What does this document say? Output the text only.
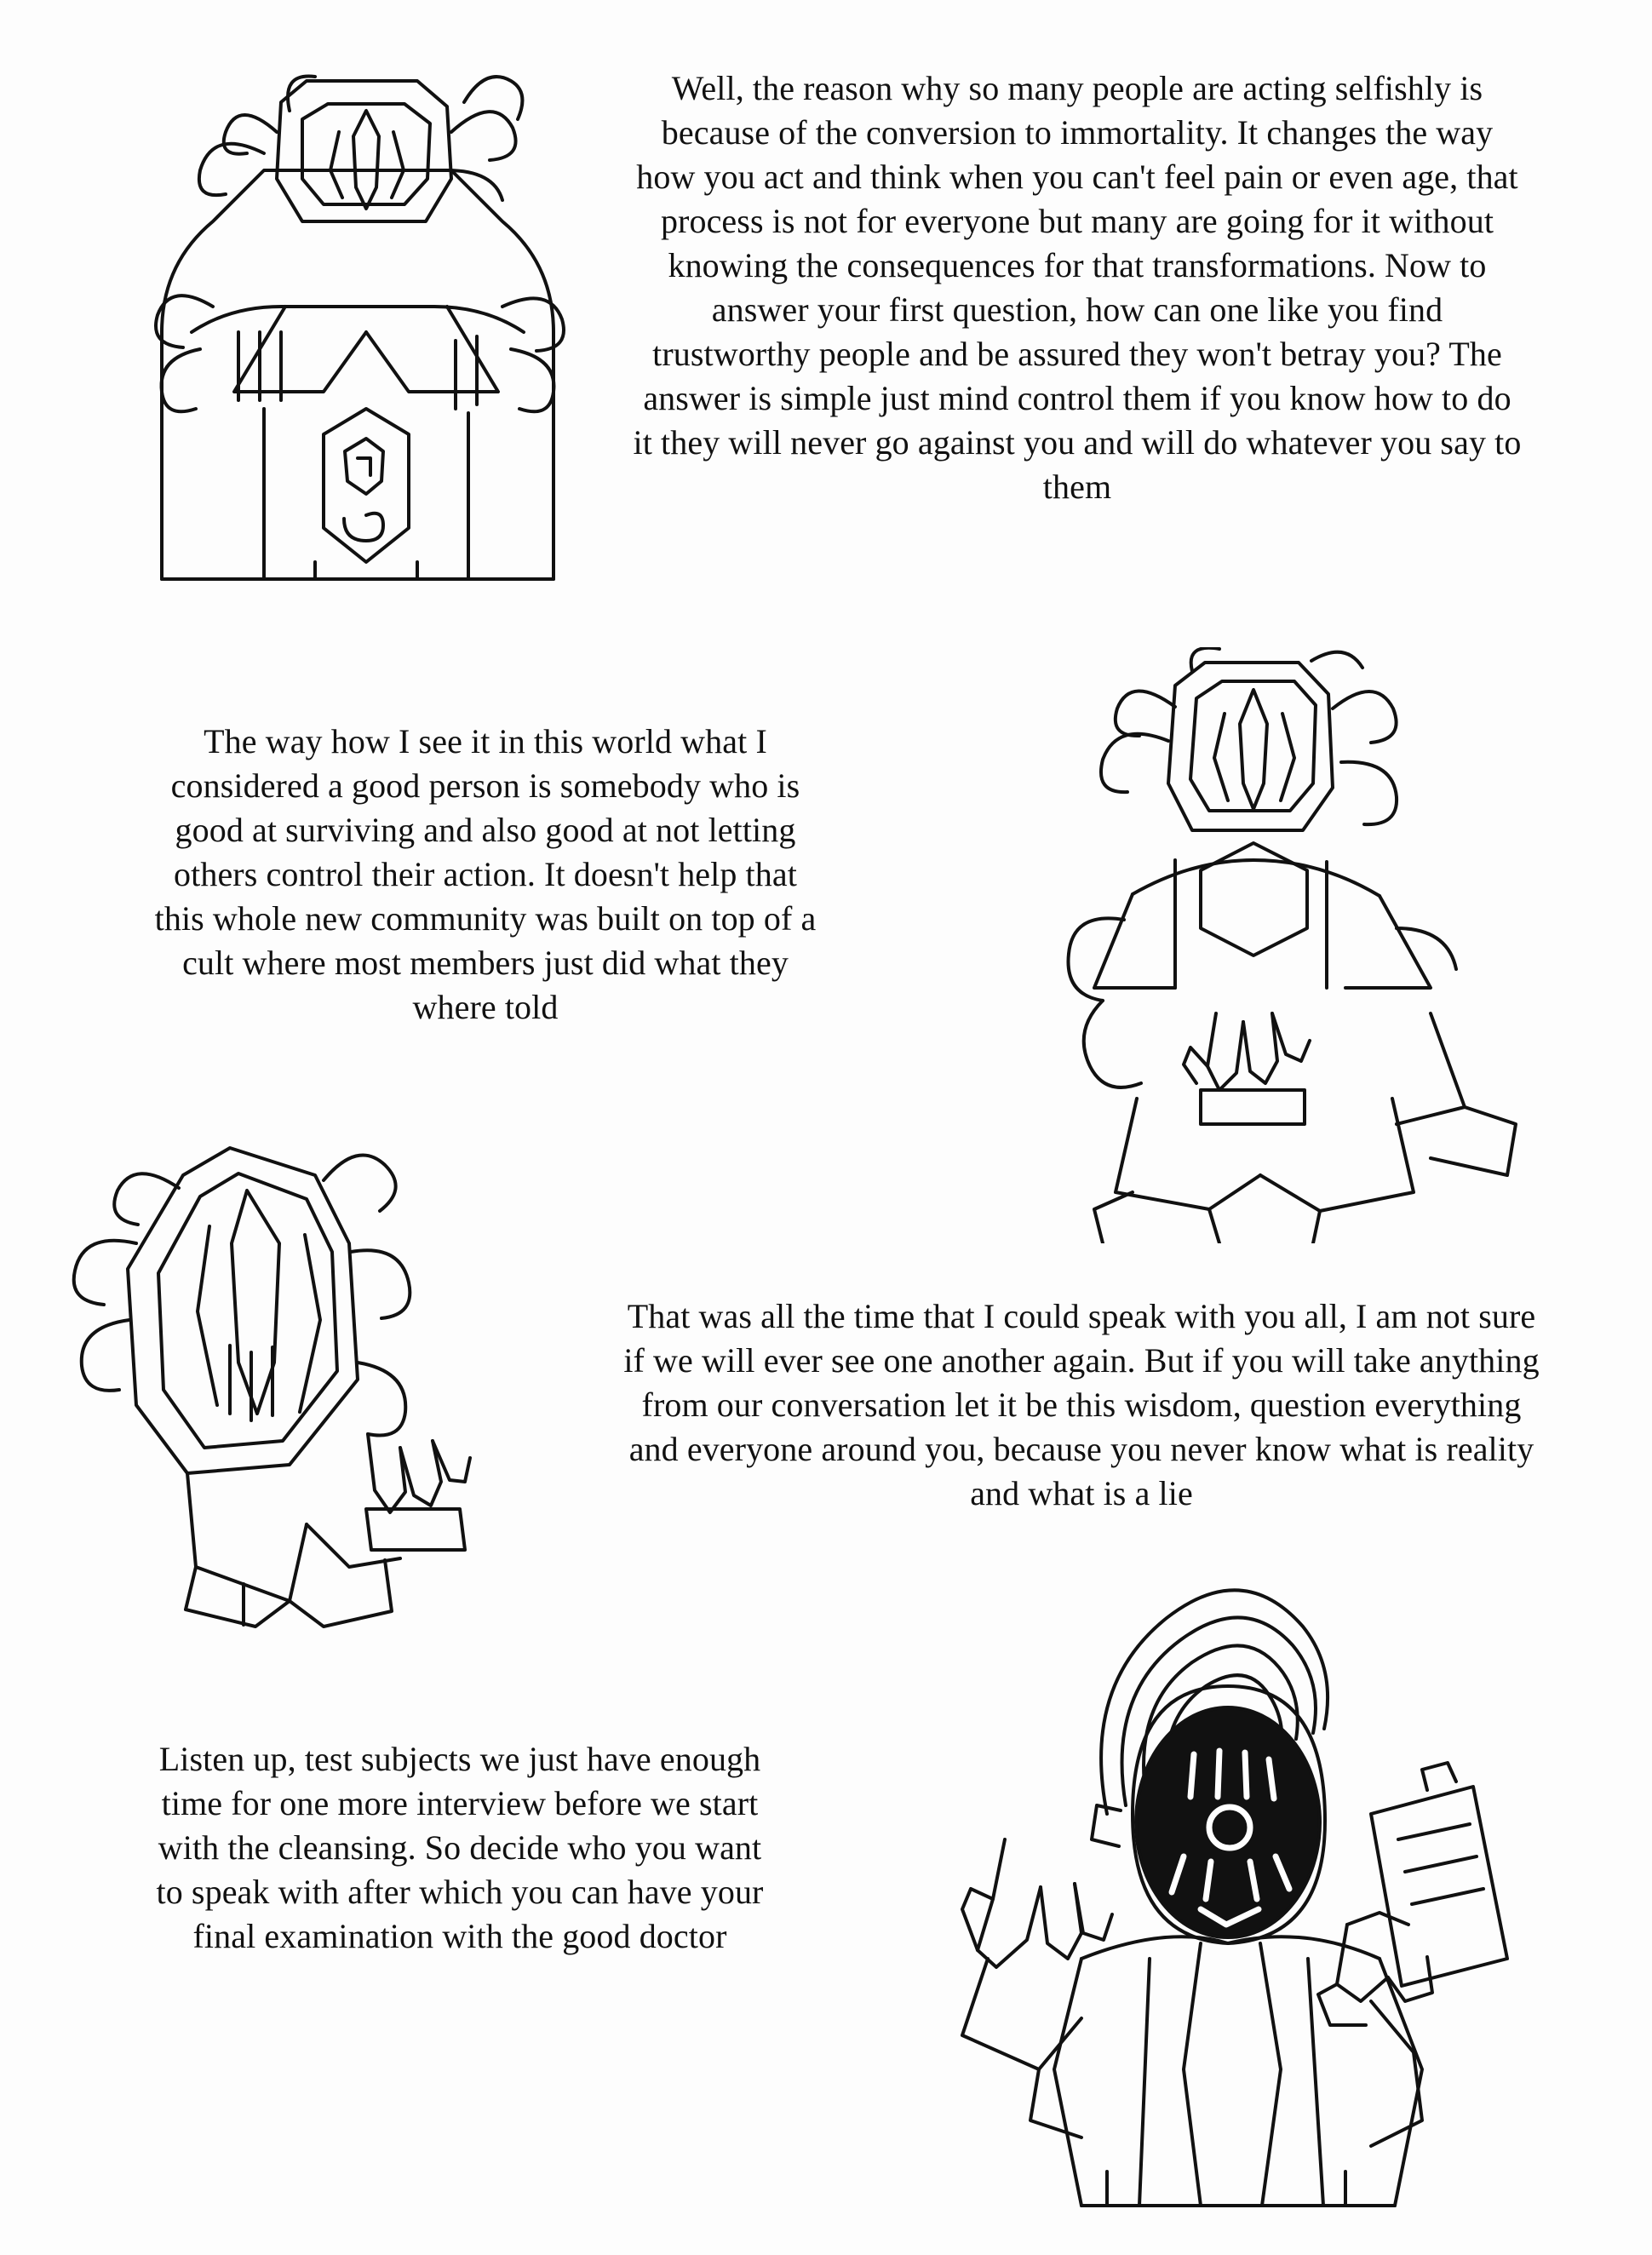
Well, the reason why so many people are acting selfishly is because of the conversion to immortality. It changes the way how you act and think when you can't feel pain or even age, that process is not for everyone but many are going for it without knowing the consequences for that transformations. Now to answer your first question, how can one like you find trustworthy people and be assured they won't betray you? The answer is simple just mind control them if you know how to do it they will never go against you and will do whatever you say to them
The way how I see it in this world what I considered a good person is somebody who is good at surviving and also good at not letting others control their action. It doesn't help that this whole new community was built on top of a cult where most members just did what they where told
That was all the time that I could speak with you all, I am not sure if we will ever see one another again. But if you will take anything from our conversation let it be this wisdom, question everything and everyone around you, because you never know what is reality and what is a lie
Listen up, test subjects we just have enough time for one more interview before we start with the cleansing. So decide who you want to speak with after which you can have your final examination with the good doctor
